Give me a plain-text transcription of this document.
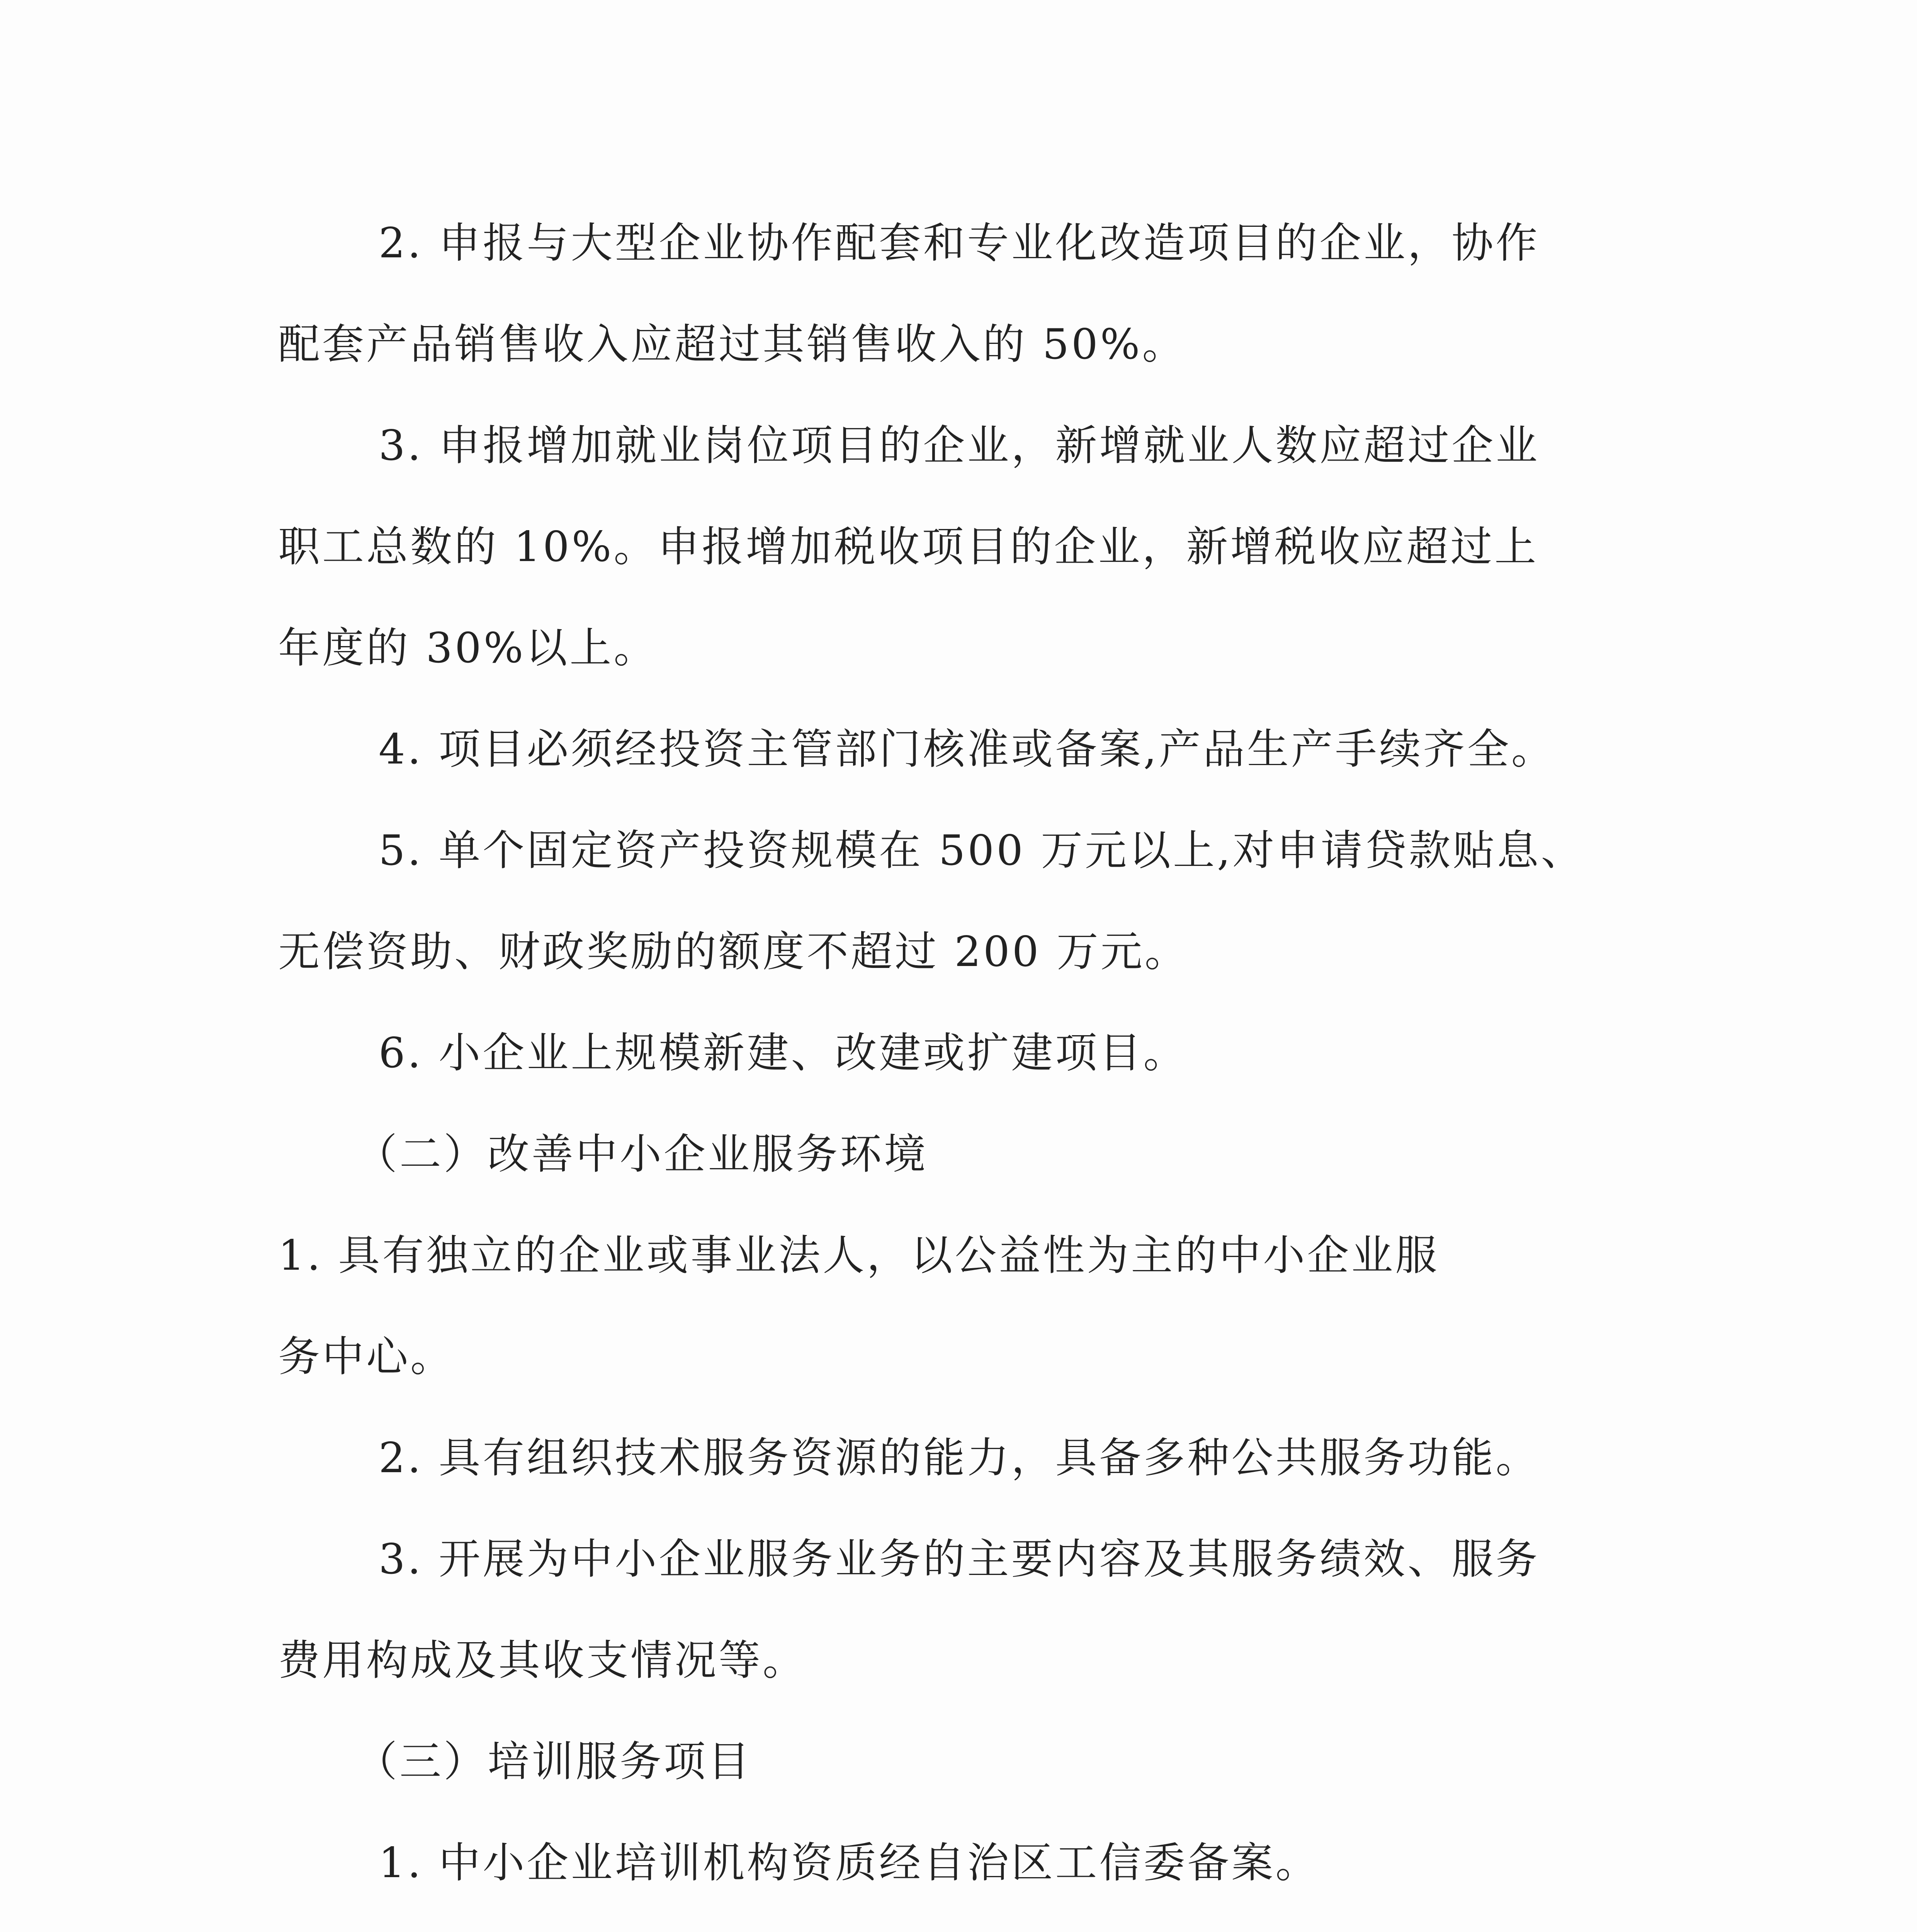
2. 申报与大型企业协作配套和专业化改造项目的企业，协作
配套产品销售收入应超过其销售收入的 50%。
3. 申报增加就业岗位项目的企业，新增就业人数应超过企业
职工总数的 10%。申报增加税收项目的企业，新增税收应超过上
年度的 30%以上。
4. 项目必须经投资主管部门核准或备案,产品生产手续齐全。
5. 单个固定资产投资规模在 500 万元以上,对申请贷款贴息、
无偿资助、财政奖励的额度不超过 200 万元。
6. 小企业上规模新建、改建或扩建项目。
（二）改善中小企业服务环境
1. 具有独立的企业或事业法人，以公益性为主的中小企业服
务中心。
2. 具有组织技术服务资源的能力，具备多种公共服务功能。
3. 开展为中小企业服务业务的主要内容及其服务绩效、服务
费用构成及其收支情况等。
（三）培训服务项目
1. 中小企业培训机构资质经自治区工信委备案。
